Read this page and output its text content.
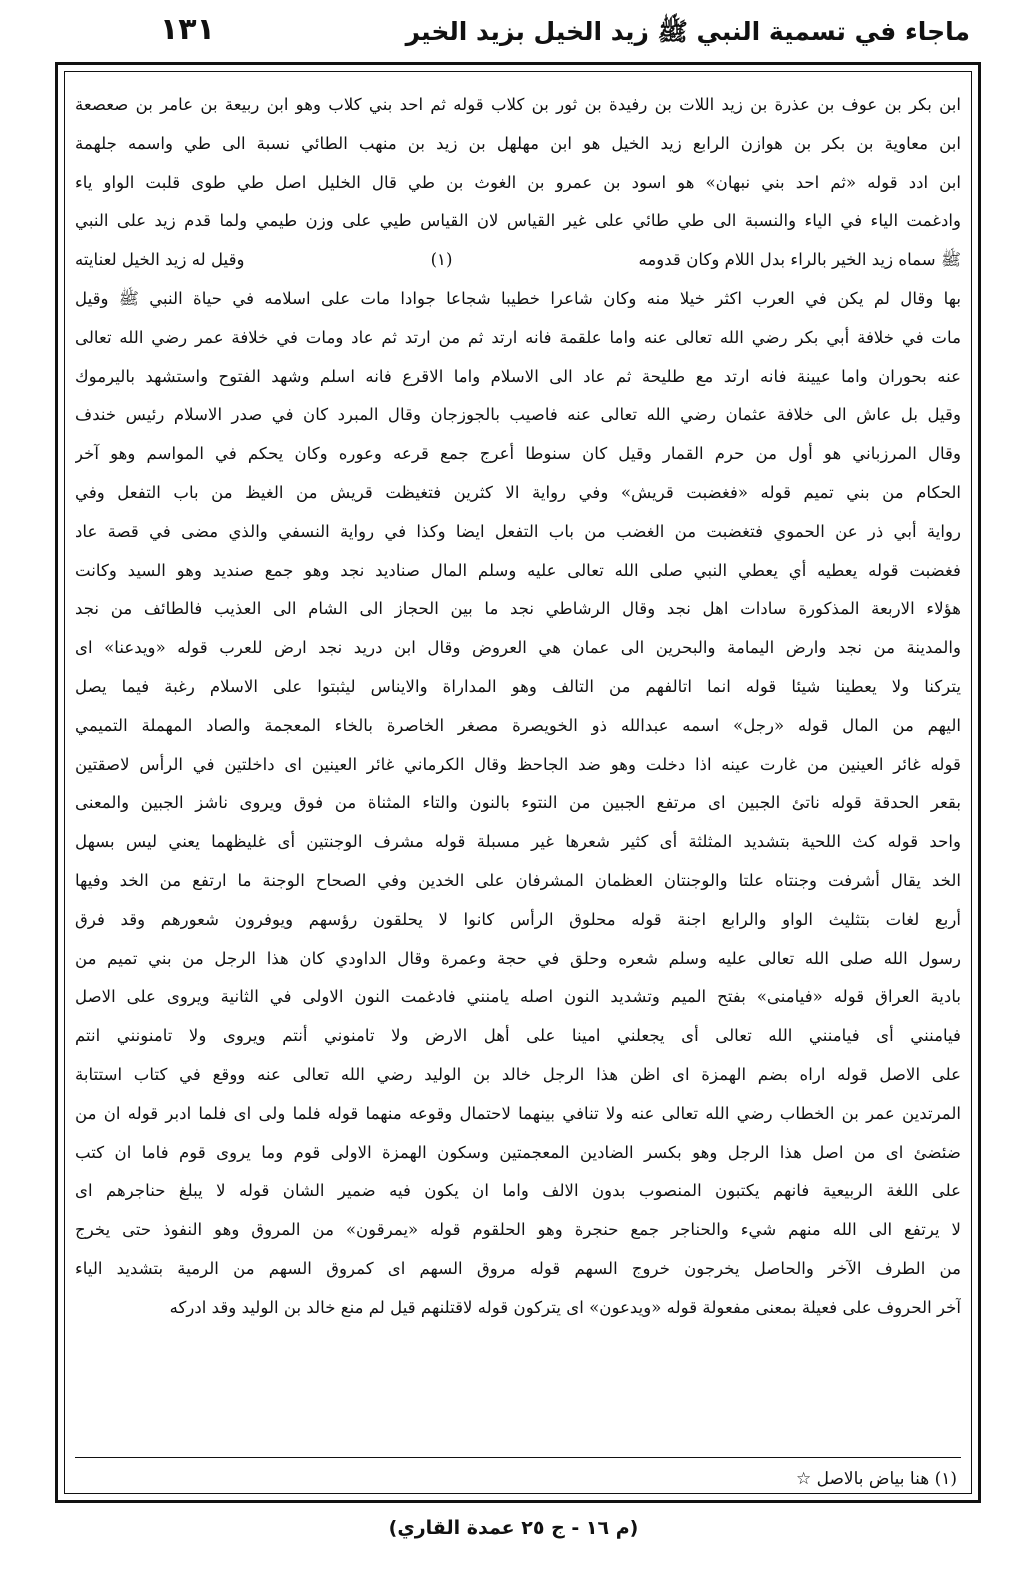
ماجاء في تسمية النبي ﷺ زيد الخيل بزيد الخير
١٣١
ابن بكر بن عوف بن عذرة بن زيد اللات بن رفيدة بن ثور بن كلاب قوله ثم احد بني كلاب وهو ابن ربيعة بن عامر بن صعصعة
ابن معاوية بن بكر بن هوازن الرابع زيد الخيل هو ابن مهلهل بن زيد بن منهب الطائي نسبة الى طي واسمه جلهمة
ابن ادد قوله «ثم احد بني نبهان» هو اسود بن عمرو بن الغوث بن طي قال الخليل اصل طي طوى قلبت الواو ياء
وادغمت الياء في الياء والنسبة الى طي طائي على غير القياس لان القياس طيي على وزن طيمي ولما قدم زيد على النبي
ﷺ سماه زيد الخير بالراء بدل اللام وكان قدومه
(١)
وقيل له زيد الخيل لعنايته
بها وقال لم يكن في العرب اكثر خيلا منه وكان شاعرا خطيبا شجاعا جوادا مات على اسلامه في حياة النبي ﷺ وقيل
مات في خلافة أبي بكر رضي الله تعالى عنه واما علقمة فانه ارتد ثم من ارتد ثم عاد ومات في خلافة عمر رضي الله تعالى
عنه بحوران واما عيينة فانه ارتد مع طليحة ثم عاد الى الاسلام واما الاقرع فانه اسلم وشهد الفتوح واستشهد باليرموك
وقيل بل عاش الى خلافة عثمان رضي الله تعالى عنه فاصيب بالجوزجان وقال المبرد كان في صدر الاسلام رئيس خندف
وقال المرزباني هو أول من حرم القمار وقيل كان سنوطا أعرج جمع قرعه وعوره وكان يحكم في المواسم وهو آخر
الحكام من بني تميم قوله «فغضبت قريش» وفي رواية الا كثرين فتغيظت قريش من الغيظ من باب التفعل وفي
رواية أبي ذر عن الحموي فتغضبت من الغضب من باب التفعل ايضا وكذا في رواية النسفي والذي مضى في قصة عاد
فغضبت قوله يعطيه أي يعطي النبي صلى الله تعالى عليه وسلم المال صناديد نجد وهو جمع صنديد وهو السيد وكانت
هؤلاء الاربعة المذكورة سادات اهل نجد وقال الرشاطي نجد ما بين الحجاز الى الشام الى العذيب فالطائف من نجد
والمدينة من نجد وارض اليمامة والبحرين الى عمان هي العروض وقال ابن دريد نجد ارض للعرب قوله «ويدعنا» اى
يتركنا ولا يعطينا شيئا قوله انما اتالفهم من التالف وهو المداراة والايناس ليثبتوا على الاسلام رغبة فيما يصل
اليهم من المال قوله «رجل» اسمه عبدالله ذو الخويصرة مصغر الخاصرة بالخاء المعجمة والصاد المهملة التميمي
قوله غائر العينين من غارت عينه اذا دخلت وهو ضد الجاحظ وقال الكرماني غائر العينين اى داخلتين في الرأس لاصقتين
بقعر الحدقة قوله ناتئ الجبين اى مرتفع الجبين من النتوء بالنون والتاء المثناة من فوق ويروى ناشز الجبين والمعنى
واحد قوله كث اللحية بتشديد المثلثة أى كثير شعرها غير مسبلة قوله مشرف الوجنتين أى غليظهما يعني ليس بسهل
الخد يقال أشرفت وجنتاه علتا والوجنتان العظمان المشرفان على الخدين وفي الصحاح الوجنة ما ارتفع من الخد وفيها
أربع لغات بتثليث الواو والرابع اجنة قوله محلوق الرأس كانوا لا يحلقون رؤسهم ويوفرون شعورهم وقد فرق
رسول الله صلى الله تعالى عليه وسلم شعره وحلق في حجة وعمرة وقال الداودي كان هذا الرجل من بني تميم من
بادية العراق قوله «فيامنى» بفتح الميم وتشديد النون اصله يامنني فادغمت النون الاولى في الثانية ويروى على الاصل
فيامنني أى فيامنني الله تعالى أى يجعلني امينا على أهل الارض ولا تامنوني أنتم ويروى ولا تامنونني انتم
على الاصل قوله اراه بضم الهمزة اى اظن هذا الرجل خالد بن الوليد رضي الله تعالى عنه ووقع في كتاب استتابة
المرتدين عمر بن الخطاب رضي الله تعالى عنه ولا تنافي بينهما لاحتمال وقوعه منهما قوله فلما ولى اى فلما ادبر قوله ان من
ضئضئ اى من اصل هذا الرجل وهو بكسر الضادين المعجمتين وسكون الهمزة الاولى قوم وما يروى قوم فاما ان كتب
على اللغة الربيعية فانهم يكتبون المنصوب بدون الالف واما ان يكون فيه ضمير الشان قوله لا يبلغ حناجرهم اى
لا يرتفع الى الله منهم شيء والحناجر جمع حنجرة وهو الحلقوم قوله «يمرقون» من المروق وهو النفوذ حتى يخرج
من الطرف الآخر والحاصل يخرجون خروج السهم قوله مروق السهم اى كمروق السهم من الرمية بتشديد الياء
آخر الحروف على فعيلة بمعنى مفعولة قوله «ويدعون» اى يتركون قوله لاقتلنهم قيل لم منع خالد بن الوليد وقد ادركه
(١) هنا بياض بالاصل ☆
(م ١٦ - ج ٢٥ عمدة القاري)
